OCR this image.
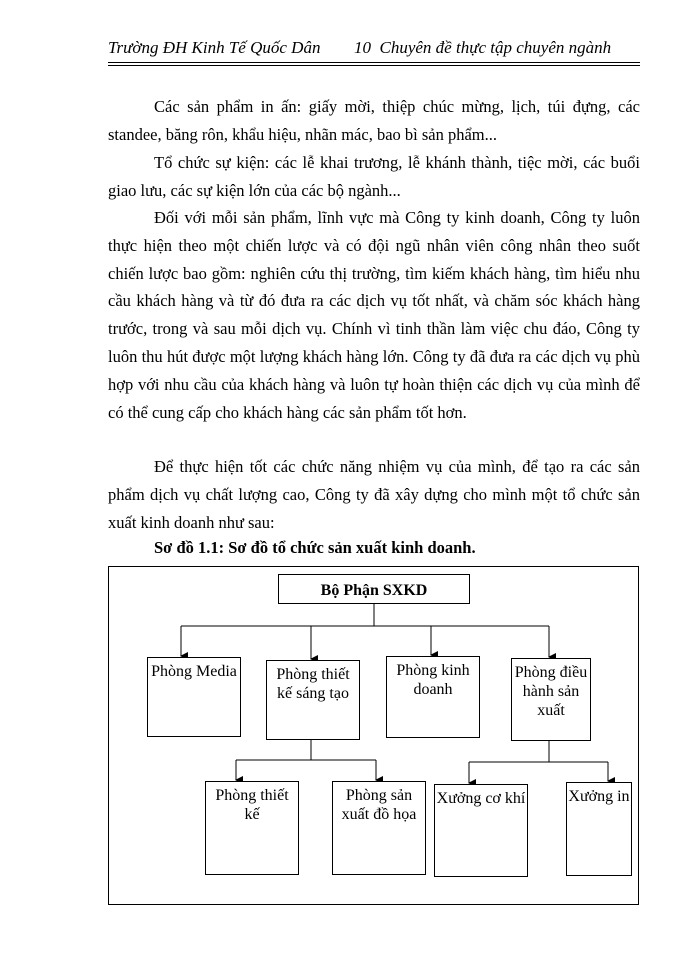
Trường ĐH Kinh Tế Quốc Dân 10 Chuyên đề thực tập chuyên ngành

Các sản phẩm in ấn: giấy mời, thiệp chúc mừng, lịch, túi đựng, các standee, băng rôn, khẩu hiệu, nhãn mác, bao bì sản phẩm...

Tổ chức sự kiện: các lễ khai trương, lễ khánh thành, tiệc mời, các buổi giao lưu, các sự kiện lớn của các bộ ngành...

Đối với mỗi sản phẩm, lĩnh vực mà Công ty kinh doanh, Công ty luôn thực hiện theo một chiến lược và có đội ngũ nhân viên công nhân theo suốt chiến lược bao gồm: nghiên cứu thị trường, tìm kiếm khách hàng, tìm hiểu nhu cầu khách hàng và từ đó đưa ra các dịch vụ tốt nhất, và chăm sóc khách hàng trước, trong và sau mỗi dịch vụ. Chính vì tinh thần làm việc chu đáo, Công ty luôn thu hút được một lượng khách hàng lớn. Công ty đã đưa ra các dịch vụ phù hợp với nhu cầu của khách hàng và luôn tự hoàn thiện các dịch vụ của mình để có thể cung cấp cho khách hàng các sản phẩm tốt hơn.

Để thực hiện tốt các chức năng nhiệm vụ của mình, để tạo ra các sản phẩm dịch vụ chất lượng cao, Công ty đã xây dựng cho mình một tổ chức sản xuất kinh doanh như sau:

Sơ đồ 1.1: Sơ đồ tổ chức sản xuất kinh doanh.
Bộ Phận SXKD
Phòng Media	Phòng thiết kế sáng tạo
Phòng kinh doanh
Phòng điều hành sản xuất
Phòng thiết kế
Phòng sản xuất đồ họa
Xưởng cơ khí	Xưởng in
